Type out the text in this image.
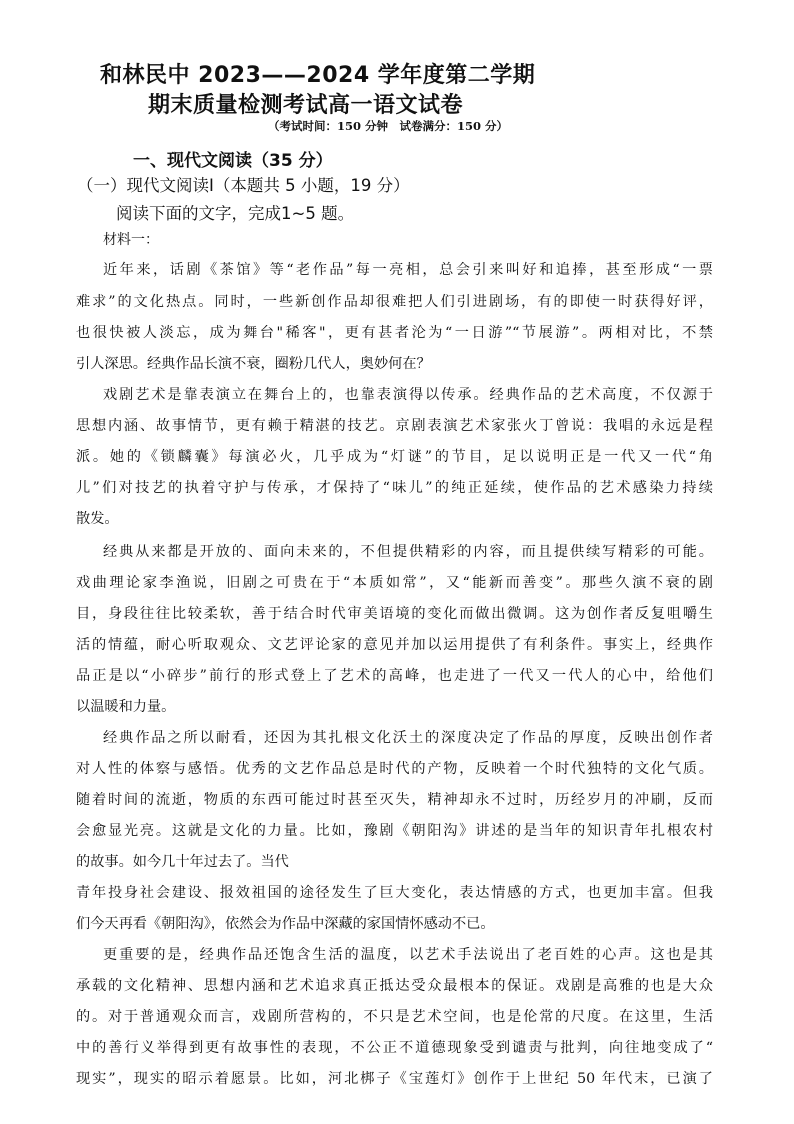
和林民中 2023——2024 学年度第二学期
期末质量检测考试高一语文试卷
（考试时间：150 分钟　试卷满分：150 分）
一、现代文阅读（35 分）
（一）现代文阅读Ⅰ（本题共 5 小题，19 分）
阅读下面的文字，完成1~5 题。
材料一：
近年来，话剧《茶馆》等“老作品”每一亮相，总会引来叫好和追捧，甚至形成“一票
难求”的文化热点。同时，一些新创作品却很难把人们引进剧场，有的即使一时获得好评，
也很快被人淡忘，成为舞台"稀客"，更有甚者沦为“一日游”“节展游”。两相对比，不禁
引人深思。经典作品长演不衰，圈粉几代人，奥妙何在？
戏剧艺术是靠表演立在舞台上的，也靠表演得以传承。经典作品的艺术高度，不仅源于
思想内涵、故事情节，更有赖于精湛的技艺。京剧表演艺术家张火丁曾说：我唱的永远是程
派。她的《锁麟囊》每演必火，几乎成为“灯谜”的节目，足以说明正是一代又一代“角
儿”们对技艺的执着守护与传承，才保持了“味儿”的纯正延续，使作品的艺术感染力持续
散发。
经典从来都是开放的、面向未来的，不但提供精彩的内容，而且提供续写精彩的可能。
戏曲理论家李渔说，旧剧之可贵在于“本质如常”，又“能新而善变”。那些久演不衰的剧
目，身段往往比较柔软，善于结合时代审美语境的变化而做出微调。这为创作者反复咀嚼生
活的情蕴，耐心听取观众、文艺评论家的意见并加以运用提供了有利条件。事实上，经典作
品正是以“小碎步”前行的形式登上了艺术的高峰，也走进了一代又一代人的心中，给他们
以温暖和力量。
经典作品之所以耐看，还因为其扎根文化沃土的深度决定了作品的厚度，反映出创作者
对人性的体察与感悟。优秀的文艺作品总是时代的产物，反映着一个时代独特的文化气质。
随着时间的流逝，物质的东西可能过时甚至灭失，精神却永不过时，历经岁月的冲刷，反而
会愈显光亮。这就是文化的力量。比如，豫剧《朝阳沟》讲述的是当年的知识青年扎根农村
的故事。如今几十年过去了。当代
青年投身社会建设、报效祖国的途径发生了巨大变化，表达情感的方式，也更加丰富。但我
们今天再看《朝阳沟》，依然会为作品中深藏的家国情怀感动不已。
更重要的是，经典作品还饱含生活的温度，以艺术手法说出了老百姓的心声。这也是其
承载的文化精神、思想内涵和艺术追求真正抵达受众最根本的保证。戏剧是高雅的也是大众
的。对于普通观众而言，戏剧所营构的，不只是艺术空间，也是伦常的尺度。在这里，生活
中的善行义举得到更有故事性的表现，不公正不道德现象受到谴责与批判，向往地变成了“
现实”，现实的昭示着愿景。比如，河北梆子《宝莲灯》创作于上世纪 50 年代末，已演了
